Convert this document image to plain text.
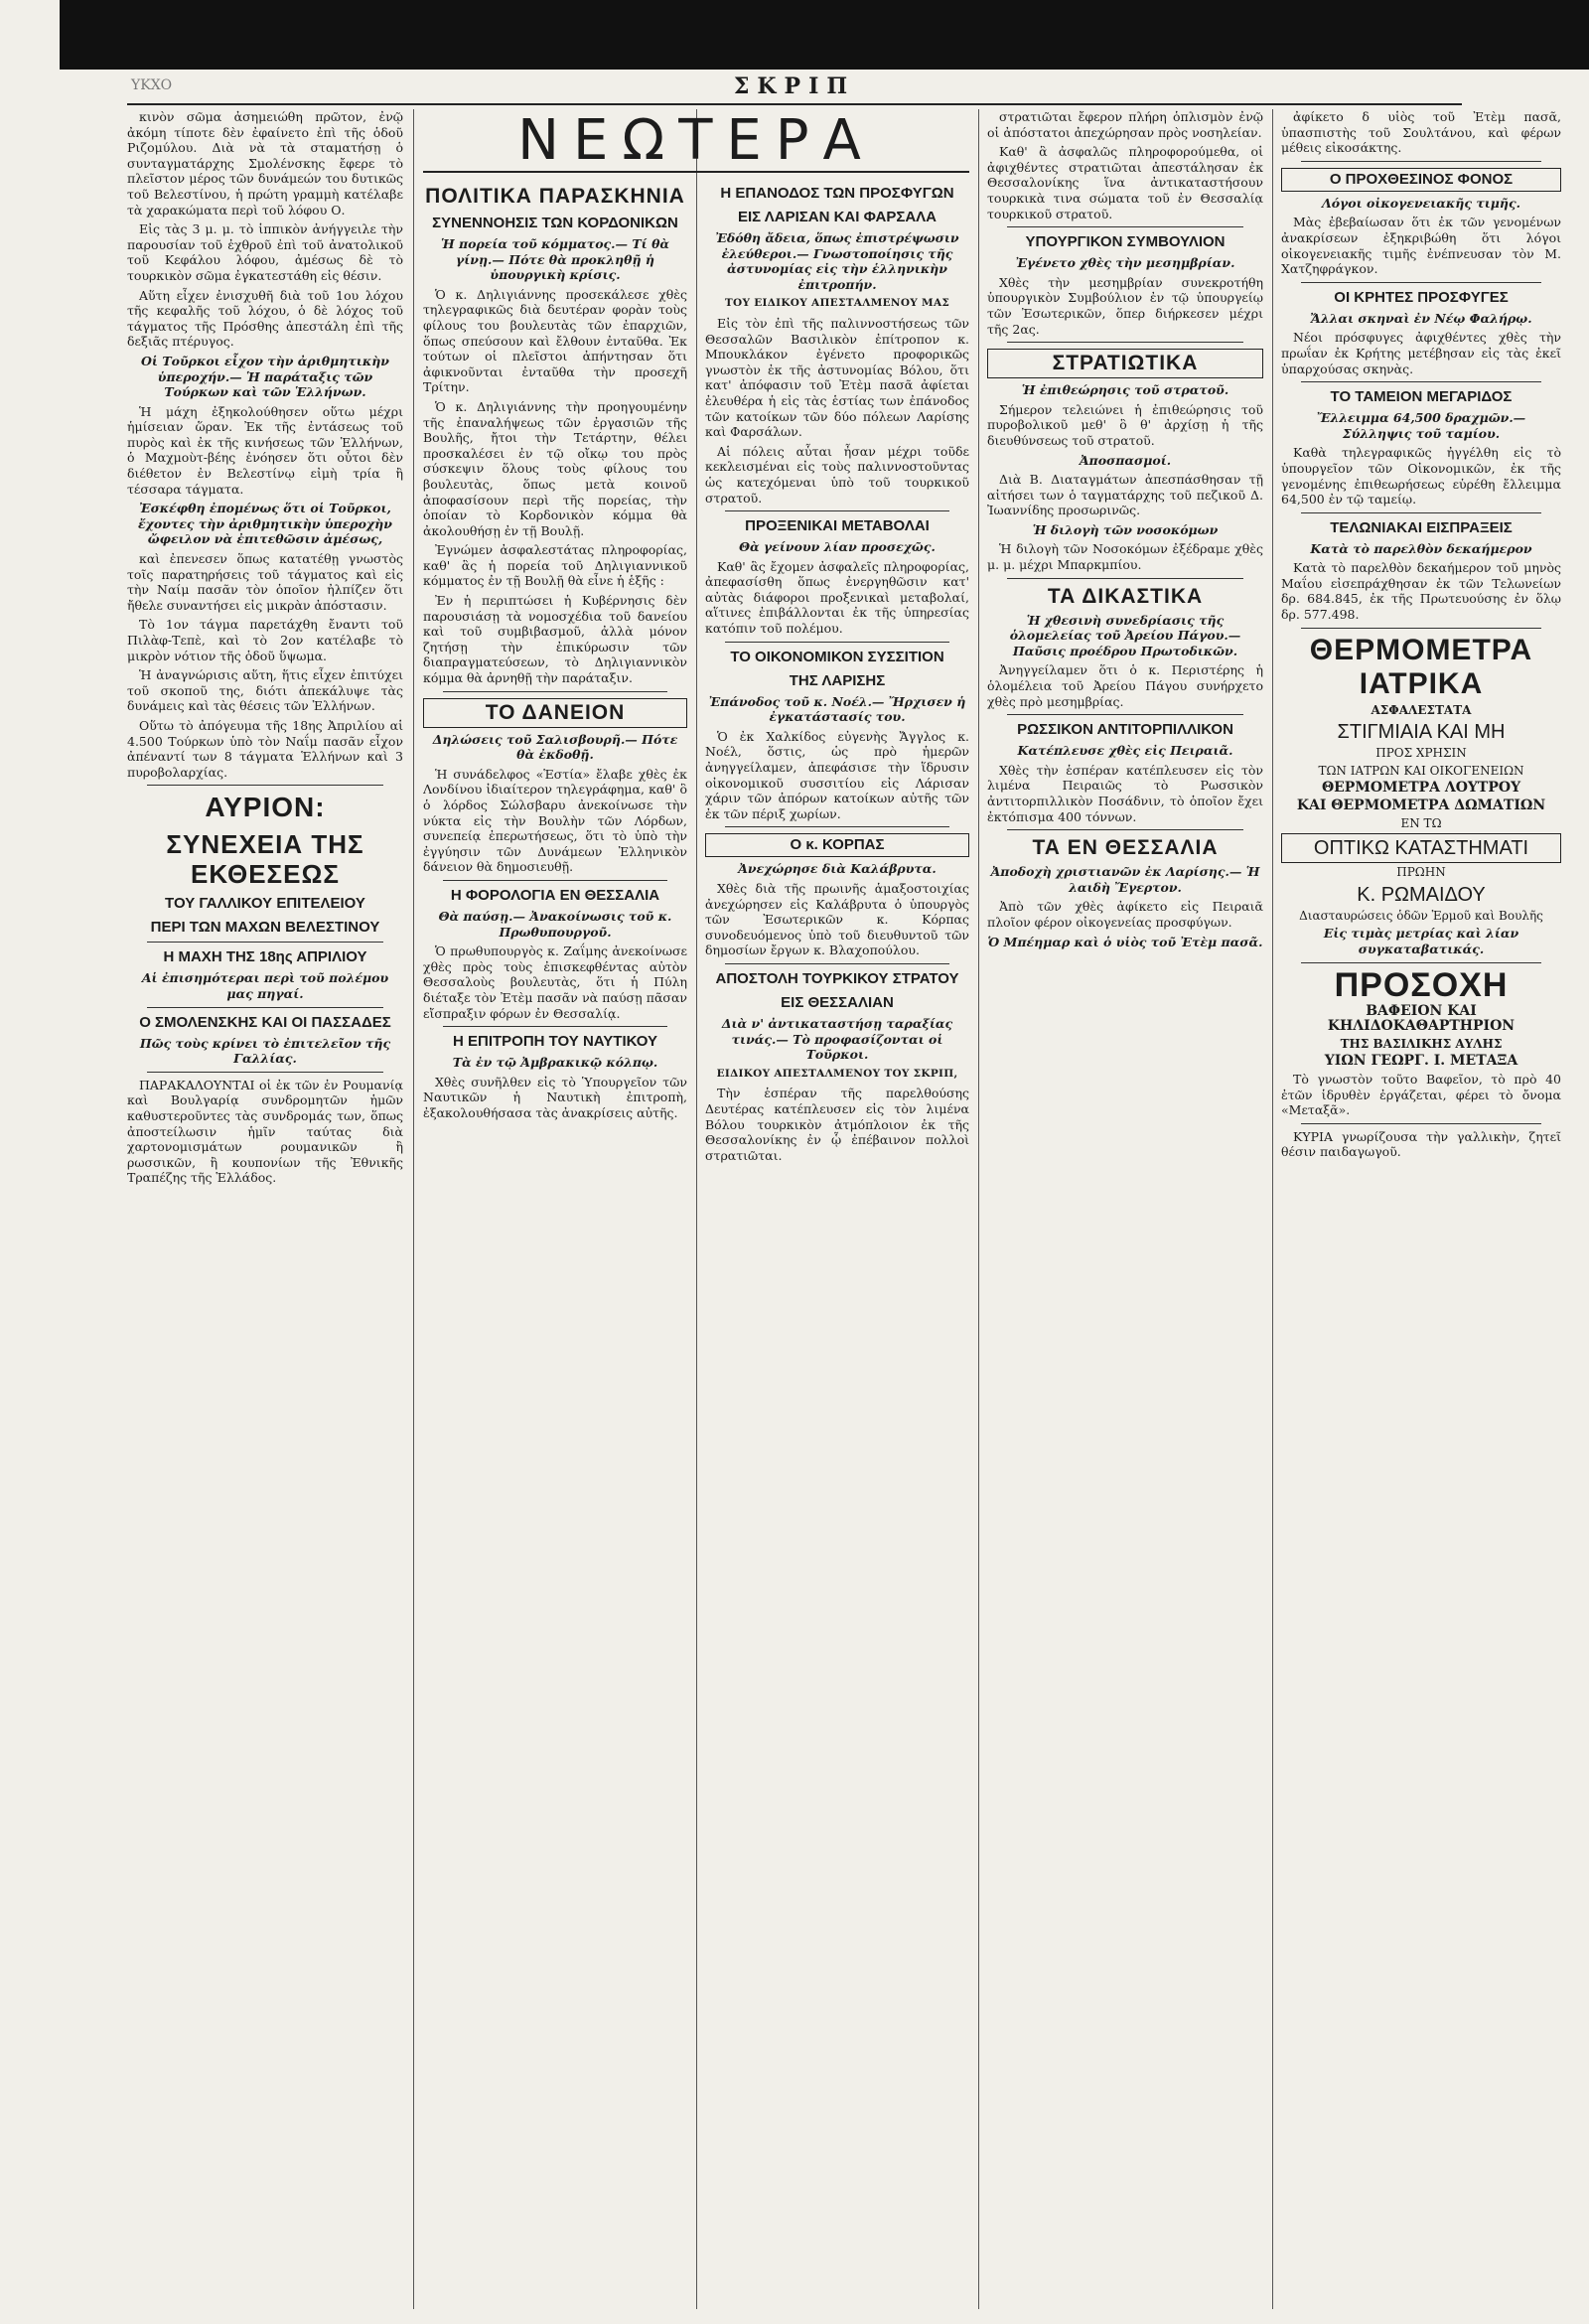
ΥΚΧΟ	ΣΚΡΙΠ

κινὸν σῶμα ἀσημειώθη πρῶτον, ἐνῷ ἀκόμη τίποτε δὲν ἐφαίνετο ἐπὶ τῆς ὁδοῦ Ριζομύλου. Διὰ νὰ τὰ σταματήσῃ ὁ συνταγματάρχης Σμολένσκης ἔφερε τὸ πλεῖστον μέρος τῶν δυνάμεών του δυτικῶς τοῦ Βελεστίνου, ἡ πρώτη γραμμὴ κατέλαβε τὰ χαρακώματα περὶ τοῦ λόφου Ο.

Εἰς τὰς 3 μ. μ. τὸ ἱππικὸν ἀνήγγειλε τὴν παρουσίαν τοῦ ἐχθροῦ ἐπὶ τοῦ ἀνατολικοῦ τοῦ Κεφάλου λόφου, ἀμέσως δὲ τὸ τουρκικὸν σῶμα ἐγκατεστάθη εἰς θέσιν.

Αὕτη εἶχεν ἐνισχυθῆ διὰ τοῦ 1ου λόχου τῆς κεφαλῆς τοῦ λόχου, ὁ δὲ λόχος τοῦ τάγματος τῆς Πρόσθης ἀπεστάλη ἐπὶ τῆς δεξιᾶς πτέρυγος.

Οἱ Τοῦρκοι εἶχον τὴν ἀριθμητικὴν ὑπεροχήν.— Ἡ παράταξις τῶν Τούρκων καὶ τῶν Ἑλλήνων.

Ἡ μάχη ἐξηκολούθησεν οὕτω μέχρι ἡμίσειαν ὥραν. Ἐκ τῆς ἐντάσεως τοῦ πυρὸς καὶ ἐκ τῆς κινήσεως τῶν Ἑλλήνων, ὁ Μαχμοὺτ-βέης ἐνόησεν ὅτι οὗτοι δὲν διέθετον ἐν Βελεστίνῳ εἰμὴ τρία ἢ τέσσαρα τάγματα.

Ἐσκέφθη ἐπομένως ὅτι οἱ Τοῦρκοι, ἔχοντες τὴν ἀριθμητικὴν ὑπεροχὴν ὤφειλον νὰ ἐπιτεθῶσιν ἀμέσως,

καὶ ἐπενεσεν ὅπως κατατέθῃ γνωστὸς τοῖς παρατηρήσεις τοῦ τάγματος καὶ εἰς τὴν Ναίμ πασᾶν τὸν ὁποῖον ἠλπίζεν ὅτι ἤθελε συναντήσει εἰς μικρὰν ἀπόστασιν.

Τὸ 1ον τάγμα παρετάχθη ἔναντι τοῦ Πιλὰφ-Τεπὲ, καὶ τὸ 2ον κατέλαβε τὸ μικρὸν νότιον τῆς ὁδοῦ ὕψωμα.

Ἡ ἀναγνώρισις αὕτη, ἥτις εἶχεν ἐπιτύχει τοῦ σκοποῦ της, διότι ἀπεκάλυψε τὰς δυνάμεις καὶ τὰς θέσεις τῶν Ἑλλήνων.

Οὕτω τὸ ἀπόγευμα τῆς 18ης Ἀπριλίου αἱ 4.500 Τούρκων ὑπὸ τὸν Ναΐμ πασᾶν εἶχον ἀπέναντί των 8 τάγματα Ἑλλήνων καὶ 3 πυροβολαρχίας.

ΑΥΡΙΟΝ:
ΣΥΝΕΧΕΙΑ ΤΗΣ ΕΚΘΕΣΕΩΣ
ΤΟΥ ΓΑΛΛΙΚΟΥ ΕΠΙΤΕΛΕΙΟΥ
ΠΕΡΙ ΤΩΝ ΜΑΧΩΝ ΒΕΛΕΣΤΙΝΟΥ
Η ΜΑΧΗ ΤΗΣ 18ης ΑΠΡΙΛΙΟΥ
Αἱ ἐπισημότεραι περὶ τοῦ πολέμου μας πηγαί.
Ο ΣΜΟΛΕΝΣΚΗΣ ΚΑΙ ΟΙ ΠΑΣΣΑΔΕΣ
Πῶς τοὺς κρίνει τὸ ἐπιτελεῖον τῆς Γαλλίας.

ΠΑΡΑΚΑΛΟΥΝΤΑΙ οἱ ἐκ τῶν ἐν Ρουμανίᾳ καὶ Βουλγαρίᾳ συνδρομητῶν ἡμῶν καθυστεροῦντες τὰς συνδρομάς των, ὅπως ἀποστείλωσιν ἡμῖν ταύτας διὰ χαρτονομισμάτων ρουμανικῶν ἢ ρωσσικῶν, ἢ κουπονίων τῆς Ἐθνικῆς Τραπέζης τῆς Ἑλλάδος.

ΝΕΩΤΕΡΑ
ΠΟΛΙΤΙΚΑ ΠΑΡΑΣΚΗΝΙΑ
ΣΥΝΕΝΝΟΗΣΙΣ ΤΩΝ ΚΟΡΔΟΝΙΚΩΝ
Ἡ πορεία τοῦ κόμματος.— Τί θὰ γίνῃ.— Πότε θὰ προκληθῇ ἡ ὑπουργικὴ κρίσις.

Ὁ κ. Δηλιγιάννης προσεκάλεσε χθὲς τηλεγραφικῶς διὰ δευτέραν φορὰν τοὺς φίλους του βουλευτὰς τῶν ἐπαρχιῶν, ὅπως σπεύσουν καὶ ἔλθουν ἐνταῦθα. Ἐκ τούτων οἱ πλεῖστοι ἀπήντησαν ὅτι ἀφικνοῦνται ἐνταῦθα τὴν προσεχῆ Τρίτην.

Ὁ κ. Δηλιγιάννης τὴν προηγουμένην τῆς ἐπαναλήψεως τῶν ἐργασιῶν τῆς Βουλῆς, ἤτοι τὴν Τετάρτην, θέλει προσκαλέσει ἐν τῷ οἴκῳ του πρὸς σύσκεψιν ὅλους τοὺς φίλους του βουλευτὰς, ὅπως μετὰ κοινοῦ ἀποφασίσουν περὶ τῆς πορείας, τὴν ὁποίαν τὸ Κορδονικὸν κόμμα θὰ ἀκολουθήσῃ ἐν τῇ Βουλῇ.

Ἐγνώμεν ἀσφαλεστάτας πληροφορίας, καθ' ἃς ἡ πορεία τοῦ Δηλιγιαννικοῦ κόμματος ἐν τῇ Βουλῇ θὰ εἶνε ἡ ἑξῆς :

Ἐν ἡ περιπτώσει ἡ Κυβέρνησις δὲν παρουσιάσῃ τὰ νομοσχέδια τοῦ δανείου καὶ τοῦ συμβιβασμοῦ, ἀλλὰ μόνον ζητήσῃ τὴν ἐπικύρωσιν τῶν διαπραγματεύσεων, τὸ Δηλιγιαννικὸν κόμμα θὰ ἀρνηθῇ τὴν παράταξιν.

ΤΟ ΔΑΝΕΙΟΝ
Δηλώσεις τοῦ Σαλισβουρῆ.— Πότε θὰ ἐκδοθῇ.

Ἡ συνάδελφος «Ἑστία» ἔλαβε χθὲς ἐκ Λονδίνου ἰδιαίτερον τηλεγράφημα, καθ' ὃ ὁ λόρδος Σώλσβαρυ ἀνεκοίνωσε τὴν νύκτα εἰς τὴν Βουλὴν τῶν Λόρδων, συνεπείᾳ ἐπερωτήσεως, ὅτι τὸ ὑπὸ τὴν ἐγγύησιν τῶν Δυνάμεων Ἑλληνικὸν δάνειον θὰ δημοσιευθῇ.

Η ΦΟΡΟΛΟΓΙΑ ΕΝ ΘΕΣΣΑΛΙΑ
Θὰ παύσῃ.— Ἀνακοίνωσις τοῦ κ. Πρωθυπουργοῦ.

Ὁ πρωθυπουργὸς κ. Ζαΐμης ἀνεκοίνωσε χθὲς πρὸς τοὺς ἐπισκεφθέντας αὐτὸν Θεσσαλοὺς βουλευτὰς, ὅτι ἡ Πύλη διέταξε τὸν Ἐτὲμ πασᾶν νὰ παύσῃ πᾶσαν εἴσπραξιν φόρων ἐν Θεσσαλίᾳ.

Η ΕΠΙΤΡΟΠΗ ΤΟΥ ΝΑΥΤΙΚΟΥ
Τὰ ἐν τῷ Ἀμβρακικῷ κόλπῳ.

Χθὲς συνῆλθεν εἰς τὸ Ὑπουργεῖον τῶν Ναυτικῶν ἡ Ναυτικὴ ἐπιτροπὴ, ἐξακολουθήσασα τὰς ἀνακρίσεις αὐτῆς.

Η ΕΠΑΝΟΔΟΣ ΤΩΝ ΠΡΟΣΦΥΓΩΝ
ΕΙΣ ΛΑΡΙΣΑΝ ΚΑΙ ΦΑΡΣΑΛΑ
Ἐδόθη ἄδεια, ὅπως ἐπιστρέψωσιν ἐλεύθεροι.— Γνωστοποίησις τῆς ἀστυνομίας εἰς τὴν ἑλληνικὴν ἐπιτροπήν.
ΤΟΥ ΕΙΔΙΚΟΥ ΑΠΕΣΤΑΛΜΕΝΟΥ ΜΑΣ

Εἰς τὸν ἐπὶ τῆς παλιννοστήσεως τῶν Θεσσαλῶν Βασιλικὸν ἐπίτροπον κ. Μπουκλάκον ἐγένετο προφορικῶς γνωστὸν ἐκ τῆς ἀστυνομίας Βόλου, ὅτι κατ' ἀπόφασιν τοῦ Ἐτὲμ πασᾶ ἀφίεται ἐλευθέρα ἡ εἰς τὰς ἑστίας των ἐπάνοδος τῶν κατοίκων τῶν δύο πόλεων Λαρίσης καὶ Φαρσάλων.

Αἱ πόλεις αὗται ἦσαν μέχρι τοῦδε κεκλεισμέναι εἰς τοὺς παλιννοστοῦντας ὡς κατεχόμεναι ὑπὸ τοῦ τουρκικοῦ στρατοῦ.

ΠΡΟΞΕΝΙΚΑΙ ΜΕΤΑΒΟΛΑΙ
Θὰ γείνουν λίαν προσεχῶς.

Καθ' ἃς ἔχομεν ἀσφαλεῖς πληροφορίας, ἀπεφασίσθη ὅπως ἐνεργηθῶσιν κατ' αὐτὰς διάφοροι προξενικαὶ μεταβολαί, αἵτινες ἐπιβάλλονται ἐκ τῆς ὑπηρεσίας κατόπιν τοῦ πολέμου.

ΤΟ ΟΙΚΟΝΟΜΙΚΟΝ ΣΥΣΣΙΤΙΟΝ
ΤΗΣ ΛΑΡΙΣΗΣ
Ἐπάνοδος τοῦ κ. Νοέλ.— Ἤρχισεν ἡ ἐγκατάστασίς του.

Ὁ ἐκ Χαλκίδος εὐγενὴς Ἄγγλος κ. Νοέλ, ὅστις, ὡς πρὸ ἡμερῶν ἀνηγγείλαμεν, ἀπεφάσισε τὴν ἵδρυσιν οἰκονομικοῦ συσσιτίου εἰς Λάρισαν χάριν τῶν ἀπόρων κατοίκων αὐτῆς τῶν ἐκ τῶν πέριξ χωρίων.

Ο κ. ΚΟΡΠΑΣ
Ἀνεχώρησε διὰ Καλάβρυτα.

Χθὲς διὰ τῆς πρωινῆς ἁμαξοστοιχίας ἀνεχώρησεν εἰς Καλάβρυτα ὁ ὑπουργὸς τῶν Ἐσωτερικῶν κ. Κόρπας συνοδευόμενος ὑπὸ τοῦ διευθυντοῦ τῶν δημοσίων ἔργων κ. Βλαχοπούλου.

ΑΠΟΣΤΟΛΗ ΤΟΥΡΚΙΚΟΥ ΣΤΡΑΤΟΥ
ΕΙΣ ΘΕΣΣΑΛΙΑΝ
Διὰ ν' ἀντικαταστήσῃ ταραξίας τινάς.— Τὸ προφασίζονται οἱ Τοῦρκοι.
ΕΙΔΙΚΟΥ ΑΠΕΣΤΑΛΜΕΝΟΥ ΤΟΥ ΣΚΡΙΠ,

Τὴν ἑσπέραν τῆς παρελθούσης Δευτέρας κατέπλευσεν εἰς τὸν λιμένα Βόλου τουρκικὸν ἀτμόπλοιον ἐκ τῆς Θεσσαλονίκης ἐν ᾧ ἐπέβαινον πολλοὶ στρατιῶται.

στρατιῶται ἔφερον πλήρη ὁπλισμὸν ἐνῷ οἱ ἀπόστατοι ἀπεχώρησαν πρὸς νοσηλείαν.

Καθ' ἃ ἀσφαλῶς πληροφορούμεθα, οἱ ἀφιχθέντες στρατιῶται ἀπεστάλησαν ἐκ Θεσσαλονίκης ἵνα ἀντικαταστήσουν τουρκικὰ τινα σώματα τοῦ ἐν Θεσσαλίᾳ τουρκικοῦ στρατοῦ.

ΥΠΟΥΡΓΙΚΟΝ ΣΥΜΒΟΥΛΙΟΝ
Ἐγένετο χθὲς τὴν μεσημβρίαν.

Χθὲς τὴν μεσημβρίαν συνεκροτήθη ὑπουργικὸν Συμβούλιον ἐν τῷ ὑπουργείῳ τῶν Ἐσωτερικῶν, ὅπερ διήρκεσεν μέχρι τῆς 2ας.

ΣΤΡΑΤΙΩΤΙΚΑ
Ἡ ἐπιθεώρησις τοῦ στρατοῦ.

Σήμερον τελειώνει ἡ ἐπιθεώρησις τοῦ πυροβολικοῦ μεθ' ὃ θ' ἀρχίσῃ ἡ τῆς διευθύνσεως τοῦ στρατοῦ.

Ἀποσπασμοί.

Διὰ Β. Διαταγμάτων ἀπεσπάσθησαν τῇ αἰτήσει των ὁ ταγματάρχης τοῦ πεζικοῦ Δ. Ἰωαννίδης προσωρινῶς.

Ἡ διλογὴ τῶν νοσοκόμων

Ἡ διλογὴ τῶν Νοσοκόμων ἐξέδραμε χθὲς μ. μ. μέχρι Μπαρκμπίου.

ΤΑ ΔΙΚΑΣΤΙΚΑ
Ἡ χθεσινὴ συνεδρίασις τῆς ὁλομελείας τοῦ Ἀρείου Πάγου.— Παῦσις προέδρου Πρωτοδικῶν.

Ἀνηγγείλαμεν ὅτι ὁ κ. Περιστέρης ἡ ὁλομέλεια τοῦ Ἀρείου Πάγου συνήρχετο χθὲς πρὸ μεσημβρίας.

ΡΩΣΣΙΚΟΝ ΑΝΤΙΤΟΡΠΙΛΛΙΚΟΝ
Κατέπλευσε χθὲς εἰς Πειραιᾶ.

Χθὲς τὴν ἑσπέραν κατέπλευσεν εἰς τὸν λιμένα Πειραιῶς τὸ Ρωσσικὸν ἀντιτορπιλλικὸν Ποσάδνιν, τὸ ὁποῖον ἔχει ἐκτόπισμα 400 τόννων.

ΤΑ ΕΝ ΘΕΣΣΑΛΙΑ
Ἀποδοχὴ χριστιανῶν ἐκ Λαρίσης.— Ἡ λαιδὴ Ἔγερτον.

Ἀπὸ τῶν χθὲς ἀφίκετο εἰς Πειραιᾶ πλοῖον φέρον οἰκογενείας προσφύγων.

Ὁ Μπέημαρ καὶ ὁ υἱὸς τοῦ Ἐτὲμ πασᾶ.

ἀφίκετο δ υἱὸς τοῦ Ἐτὲμ πασᾶ, ὑπασπιστὴς τοῦ Σουλτάνου, καὶ φέρων μέθεις εἰκοσάκτης.

Ο ΠΡΟΧΘΕΣΙΝΟΣ ΦΟΝΟΣ
Λόγοι οἰκογενειακῆς τιμῆς.

Μὰς ἐβεβαίωσαν ὅτι ἐκ τῶν γενομένων ἀνακρίσεων ἐξηκριβώθη ὅτι λόγοι οἰκογενειακῆς τιμῆς ἐνέπνευσαν τὸν Μ. Χατζηφράγκον.

ΟΙ ΚΡΗΤΕΣ ΠΡΟΣΦΥΓΕΣ
Ἄλλαι σκηναὶ ἐν Νέῳ Φαλήρῳ.

Νέοι πρόσφυγες ἀφιχθέντες χθὲς τὴν πρωΐαν ἐκ Κρήτης μετέβησαν εἰς τὰς ἐκεῖ ὑπαρχούσας σκηνὰς.

ΤΟ ΤΑΜΕΙΟΝ ΜΕΓΑΡΙΔΟΣ
Ἔλλειμμα 64,500 δραχμῶν.— Σύλληψις τοῦ ταμίου.

Καθὰ τηλεγραφικῶς ἠγγέλθη εἰς τὸ ὑπουργεῖον τῶν Οἰκονομικῶν, ἐκ τῆς γενομένης ἐπιθεωρήσεως εὑρέθη ἔλλειμμα 64,500 ἐν τῷ ταμείῳ.

ΤΕΛΩΝΙΑΚΑΙ ΕΙΣΠΡΑΞΕΙΣ
Κατὰ τὸ παρελθὸν δεκαήμερον

Κατὰ τὸ παρελθὸν δεκαήμερον τοῦ μηνὸς Μαΐου εἰσεπράχθησαν ἐκ τῶν Τελωνείων δρ. 684.845, ἐκ τῆς Πρωτευούσης ἐν ὅλῳ δρ. 577.498.

ΘΕΡΜΟΜΕΤΡΑ ΙΑΤΡΙΚΑ
ΑΣΦΑΛΕΣΤΑΤΑ
ΣΤΙΓΜΙΑΙΑ ΚΑΙ ΜΗ
ΠΡΟΣ ΧΡΗΣΙΝ
ΤΩΝ ΙΑΤΡΩΝ ΚΑΙ ΟΙΚΟΓΕΝΕΙΩΝ
ΘΕΡΜΟΜΕΤΡΑ ΛΟΥΤΡΟΥ
ΚΑΙ ΘΕΡΜΟΜΕΤΡΑ ΔΩΜΑΤΙΩΝ
ΕΝ ΤΩ
ΟΠΤΙΚΩ ΚΑΤΑΣΤΗΜΑΤΙ
ΠΡΩΗΝ
Κ. ΡΩΜΑΙΔΟΥ
Διασταυρώσεις ὁδῶν Ἑρμοῦ καὶ Βουλῆς
Εἰς τιμὰς μετρίας καὶ λίαν συγκαταβατικάς.
ΠΡΟΣΟΧΗ
ΒΑΦΕΙΟΝ ΚΑΙ ΚΗΛΙΔΟΚΑΘΑΡΤΗΡΙΟΝ
ΤΗΣ ΒΑΣΙΛΙΚΗΣ ΑΥΛΗΣ
ΥΙΩΝ ΓΕΩΡΓ. Ι. ΜΕΤΑΞΑ

Τὸ γνωστὸν τοῦτο Βαφεῖον, τὸ πρὸ 40 ἐτῶν ἱδρυθὲν ἐργάζεται, φέρει τὸ ὄνομα «Μεταξᾶ».

ΚΥΡΙΑ γνωρίζουσα τὴν γαλλικὴν, ζητεῖ θέσιν παιδαγωγοῦ.
